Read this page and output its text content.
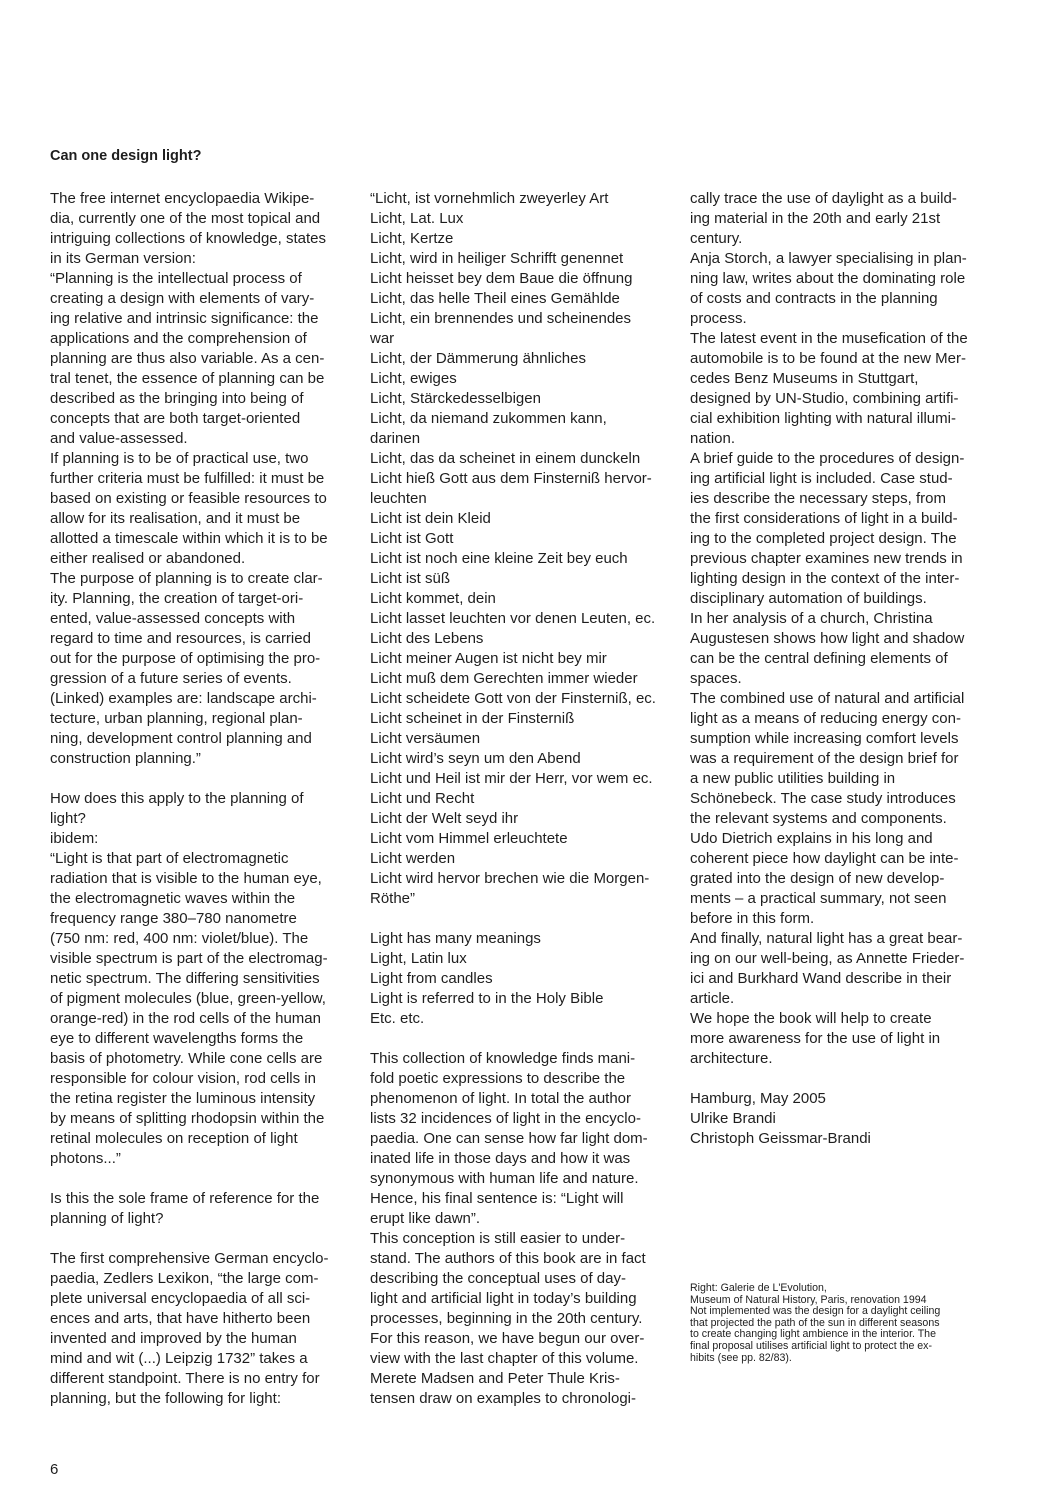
Can one design light?
The free internet encyclopaedia Wikipe-
dia, currently one of the most topical and
intriguing collections of knowledge, states
in its German version:
“Planning is the intellectual process of
creating a design with elements of vary-
ing relative and intrinsic significance: the
applications and the comprehension of
planning are thus also variable. As a cen-
tral tenet, the essence of planning can be
described as the bringing into being of
concepts that are both target-oriented
and value-assessed.
If planning is to be of practical use, two
further criteria must be fulfilled: it must be
based on existing or feasible resources to
allow for its realisation, and it must be
allotted a timescale within which it is to be
either realised or abandoned.
The purpose of planning is to create clar-
ity. Planning, the creation of target-ori-
ented, value-assessed concepts with
regard to time and resources, is carried
out for the purpose of optimising the pro-
gression of a future series of events.
(Linked) examples are: landscape archi-
tecture, urban planning, regional plan-
ning, development control planning and
construction planning.”
How does this apply to the planning of
light?
ibidem:
“Light is that part of electromagnetic
radiation that is visible to the human eye,
the electromagnetic waves within the
frequency range 380–780 nanometre
(750 nm: red, 400 nm: violet/blue). The
visible spectrum is part of the electromag-
netic spectrum. The differing sensitivities
of pigment molecules (blue, green-yellow,
orange-red) in the rod cells of the human
eye to different wavelengths forms the
basis of photometry. While cone cells are
responsible for colour vision, rod cells in
the retina register the luminous intensity
by means of splitting rhodopsin within the
retinal molecules on reception of light
photons...”
Is this the sole frame of reference for the
planning of light?
The first comprehensive German encyclo-
paedia, Zedlers Lexikon, “the large com-
plete universal encyclopaedia of all sci-
ences and arts, that have hitherto been
invented and improved by the human
mind and wit (...) Leipzig 1732” takes a
different standpoint. There is no entry for
planning, but the following for light:
“Licht, ist vornehmlich zweyerley Art
Licht, Lat. Lux
Licht, Kertze
Licht, wird in heiliger Schrifft genennet
Licht heisset bey dem Baue die öffnung
Licht, das helle Theil eines Gemählde
Licht, ein brennendes und scheinendes
war
Licht, der Dämmerung ähnliches
Licht, ewiges
Licht, Stärckedesselbigen
Licht, da niemand zukommen kann,
darinen
Licht, das da scheinet in einem dunckeln
Licht hieß Gott aus dem Finsterniß hervor-
leuchten
Licht ist dein Kleid
Licht ist Gott
Licht ist noch eine kleine Zeit bey euch
Licht ist süß
Licht kommet, dein
Licht lasset leuchten vor denen Leuten, ec.
Licht des Lebens
Licht meiner Augen ist nicht bey mir
Licht muß dem Gerechten immer wieder
Licht scheidete Gott von der Finsterniß, ec.
Licht scheinet in der Finsterniß
Licht versäumen
Licht wird’s seyn um den Abend
Licht und Heil ist mir der Herr, vor wem ec.
Licht und Recht
Licht der Welt seyd ihr
Licht vom Himmel erleuchtete
Licht werden
Licht wird hervor brechen wie die Morgen-
Röthe”
Light has many meanings
Light, Latin lux
Light from candles
Light is referred to in the Holy Bible
Etc. etc.
This collection of knowledge finds mani-
fold poetic expressions to describe the
phenomenon of light. In total the author
lists 32 incidences of light in the encyclo-
paedia. One can sense how far light dom-
inated life in those days and how it was
synonymous with human life and nature.
Hence, his final sentence is: “Light will
erupt like dawn”.
This conception is still easier to under-
stand. The authors of this book are in fact
describing the conceptual uses of day-
light and artificial light in today’s building
processes, beginning in the 20th century.
For this reason, we have begun our over-
view with the last chapter of this volume.
Merete Madsen and Peter Thule Kris-
tensen draw on examples to chronologi-
cally trace the use of daylight as a build-
ing material in the 20th and early 21st
century.
Anja Storch, a lawyer specialising in plan-
ning law, writes about the dominating role
of costs and contracts in the planning
process.
The latest event in the musefication of the
automobile is to be found at the new Mer-
cedes Benz Museums in Stuttgart,
designed by UN-Studio, combining artifi-
cial exhibition lighting with natural illumi-
nation.
A brief guide to the procedures of design-
ing artificial light is included. Case stud-
ies describe the necessary steps, from
the first considerations of light in a build-
ing to the completed project design. The
previous chapter examines new trends in
lighting design in the context of the inter-
disciplinary automation of buildings.
In her analysis of a church, Christina
Augustesen shows how light and shadow
can be the central defining elements of
spaces.
The combined use of natural and artificial
light as a means of reducing energy con-
sumption while increasing comfort levels
was a requirement of the design brief for
a new public utilities building in
Schönebeck. The case study introduces
the relevant systems and components.
Udo Dietrich explains in his long and
coherent piece how daylight can be inte-
grated into the design of new develop-
ments – a practical summary, not seen
before in this form.
And finally, natural light has a great bear-
ing on our well-being, as Annette Frieder-
ici and Burkhard Wand describe in their
article.
We hope the book will help to create
more awareness for the use of light in
architecture.
Hamburg, May 2005
Ulrike Brandi
Christoph Geissmar-Brandi
Right: Galerie de L'Evolution,
Museum of Natural History, Paris, renovation 1994
Not implemented was the design for a daylight ceiling
that projected the path of the sun in different seasons
to create changing light ambience in the interior. The
final proposal utilises artificial light to protect the ex-
hibits (see pp. 82/83).
6
